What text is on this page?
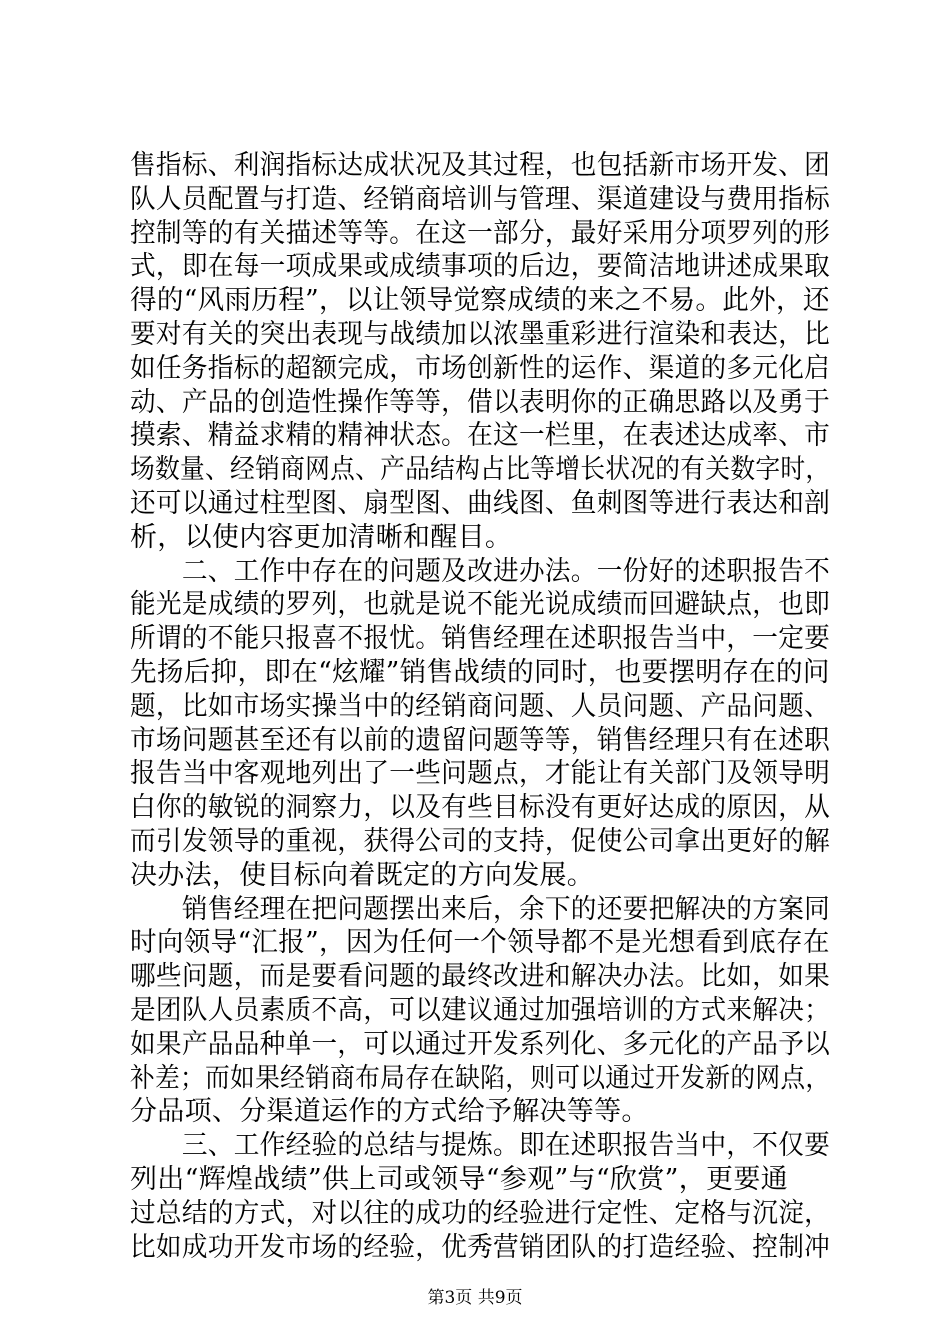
售指标、利润指标达成状况及其过程，也包括新市场开发、团
队人员配置与打造、经销商培训与管理、渠道建设与费用指标
控制等的有关描述等等。在这一部分，最好采用分项罗列的形
式，即在每一项成果或成绩事项的后边，要简洁地讲述成果取
得的“风雨历程”，以让领导觉察成绩的来之不易。此外，还
要对有关的突出表现与战绩加以浓墨重彩进行渲染和表达，比
如任务指标的超额完成，市场创新性的运作、渠道的多元化启
动、产品的创造性操作等等，借以表明你的正确思路以及勇于
摸索、精益求精的精神状态。在这一栏里，在表述达成率、市
场数量、经销商网点、产品结构占比等增长状况的有关数字时，
还可以通过柱型图、扇型图、曲线图、鱼刺图等进行表达和剖
析，以使内容更加清晰和醒目。
　　二、工作中存在的问题及改进办法。一份好的述职报告不
能光是成绩的罗列，也就是说不能光说成绩而回避缺点，也即
所谓的不能只报喜不报忧。销售经理在述职报告当中，一定要
先扬后抑，即在“炫耀”销售战绩的同时，也要摆明存在的问
题，比如市场实操当中的经销商问题、人员问题、产品问题、
市场问题甚至还有以前的遗留问题等等，销售经理只有在述职
报告当中客观地列出了一些问题点，才能让有关部门及领导明
白你的敏锐的洞察力，以及有些目标没有更好达成的原因，从
而引发领导的重视，获得公司的支持，促使公司拿出更好的解
决办法，使目标向着既定的方向发展。
　　销售经理在把问题摆出来后，余下的还要把解决的方案同
时向领导“汇报”，因为任何一个领导都不是光想看到底存在
哪些问题，而是要看问题的最终改进和解决办法。比如，如果
是团队人员素质不高，可以建议通过加强培训的方式来解决；
如果产品品种单一，可以通过开发系列化、多元化的产品予以
补差；而如果经销商布局存在缺陷，则可以通过开发新的网点，
分品项、分渠道运作的方式给予解决等等。
　　三、工作经验的总结与提炼。即在述职报告当中，不仅要
列出“辉煌战绩”供上司或领导“参观”与“欣赏”，更要通
过总结的方式，对以往的成功的经验进行定性、定格与沉淀，
比如成功开发市场的经验，优秀营销团队的打造经验、控制冲
第3页 共9页
